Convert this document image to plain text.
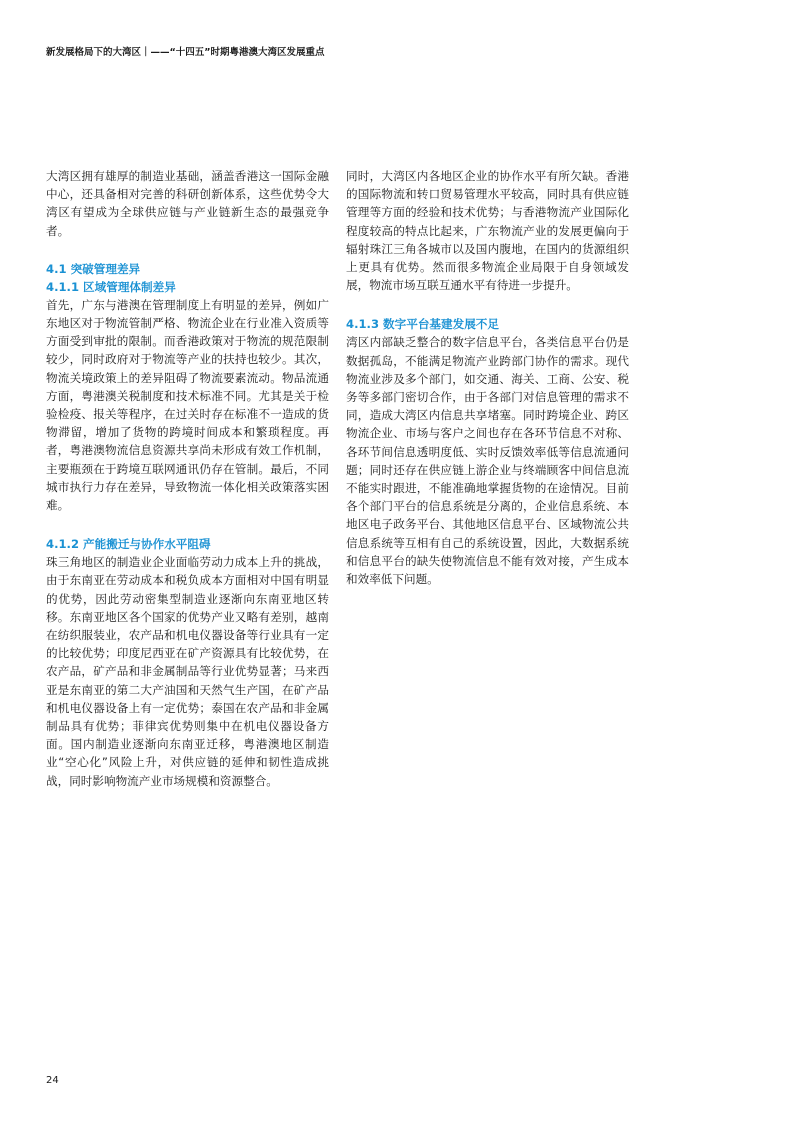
新发展格局下的大湾区｜——“十四五”时期粤港澳大湾区发展重点

大湾区拥有雄厚的制造业基础，涵盖香港这一国际金融中心，还具备相对完善的科研创新体系，这些优势令大湾区有望成为全球供应链与产业链新生态的最强竞争者。

4.1 突破管理差异
4.1.1 区域管理体制差异

首先，广东与港澳在管理制度上有明显的差异，例如广东地区对于物流管制严格、物流企业在行业准入资质等方面受到审批的限制。而香港政策对于物流的规范限制较少，同时政府对于物流等产业的扶持也较少。其次，物流关境政策上的差异阻碍了物流要素流动。物品流通方面，粤港澳关税制度和技术标准不同。尤其是关于检验检疫、报关等程序，在过关时存在标准不一造成的货物滞留，增加了货物的跨境时间成本和繁琐程度。再者，粤港澳物流信息资源共享尚未形成有效工作机制，主要瓶颈在于跨境互联网通讯仍存在管制。最后，不同城市执行力存在差异，导致物流一体化相关政策落实困难。

4.1.2 产能搬迁与协作水平阻碍

珠三角地区的制造业企业面临劳动力成本上升的挑战，由于东南亚在劳动成本和税负成本方面相对中国有明显的优势，因此劳动密集型制造业逐渐向东南亚地区转移。东南亚地区各个国家的优势产业又略有差别，越南在纺织服装业，农产品和机电仪器设备等行业具有一定的比较优势；印度尼西亚在矿产资源具有比较优势，在农产品，矿产品和非金属制品等行业优势显著；马来西亚是东南亚的第二大产油国和天然气生产国，在矿产品和机电仪器设备上有一定优势；泰国在农产品和非金属制品具有优势；菲律宾优势则集中在机电仪器设备方面。国内制造业逐渐向东南亚迁移，粤港澳地区制造业“空心化”风险上升，对供应链的延伸和韧性造成挑战，同时影响物流产业市场规模和资源整合。

同时，大湾区内各地区企业的协作水平有所欠缺。香港的国际物流和转口贸易管理水平较高，同时具有供应链管理等方面的经验和技术优势；与香港物流产业国际化程度较高的特点比起来，广东物流产业的发展更偏向于辐射珠江三角各城市以及国内腹地，在国内的货源组织上更具有优势。然而很多物流企业局限于自身领域发展，物流市场互联互通水平有待进一步提升。

4.1.3 数字平台基建发展不足

湾区内部缺乏整合的数字信息平台，各类信息平台仍是数据孤岛，不能满足物流产业跨部门协作的需求。现代物流业涉及多个部门，如交通、海关、工商、公安、税务等多部门密切合作，由于各部门对信息管理的需求不同，造成大湾区内信息共享堵塞。同时跨境企业、跨区物流企业、市场与客户之间也存在各环节信息不对称、各环节间信息透明度低、实时反馈效率低等信息流通问题；同时还存在供应链上游企业与终端顾客中间信息流不能实时跟进，不能准确地掌握货物的在途情况。目前各个部门平台的信息系统是分离的，企业信息系统、本地区电子政务平台、其他地区信息平台、区域物流公共信息系统等互相有自己的系统设置，因此，大数据系统和信息平台的缺失使物流信息不能有效对接，产生成本和效率低下问题。

24
